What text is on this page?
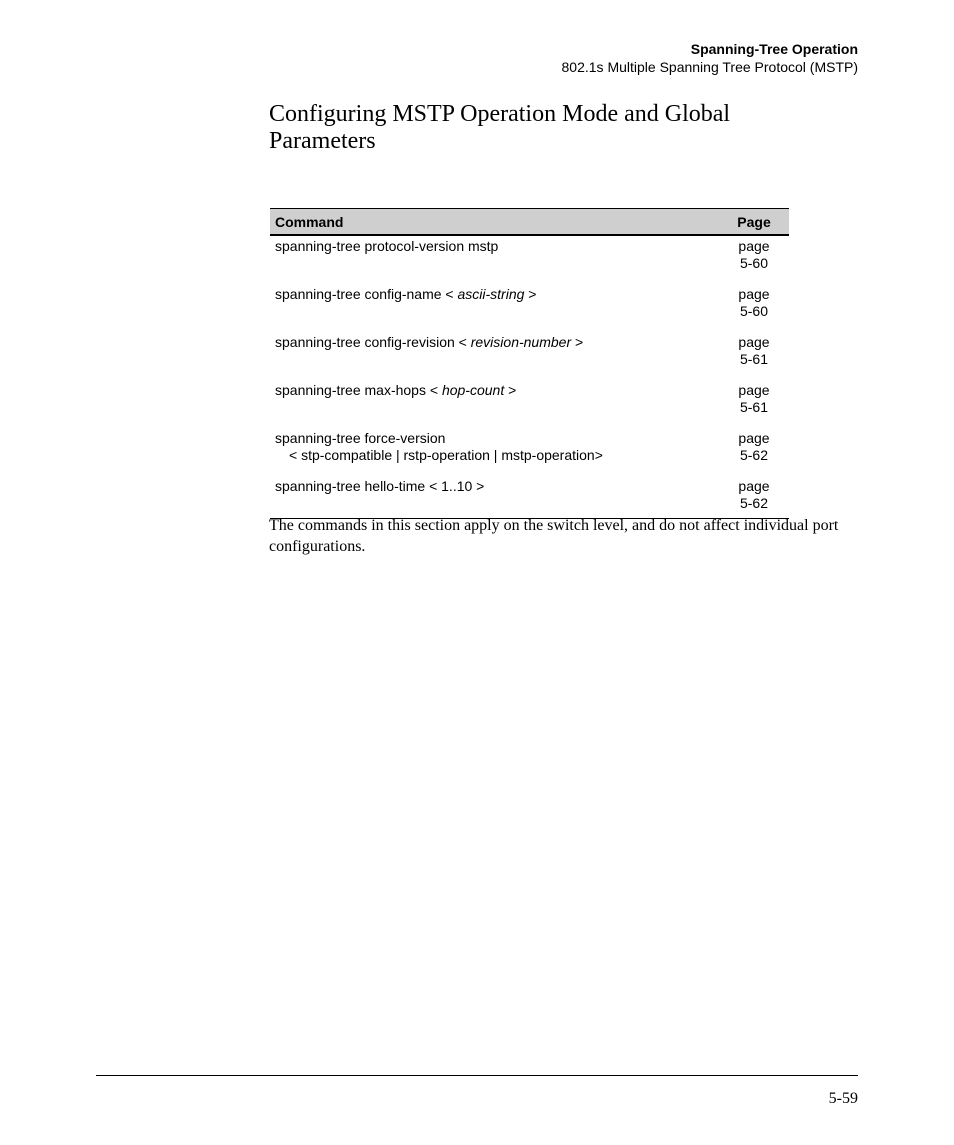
Spanning-Tree Operation
802.1s Multiple Spanning Tree Protocol (MSTP)
Configuring MSTP Operation Mode and Global Parameters
Command	Page
spanning-tree protocol-version mstp	page
5-60
spanning-tree config-name < ascii-string >	page
5-60
spanning-tree config-revision < revision-number >	page
5-61
spanning-tree max-hops < hop-count >	page
5-61
spanning-tree force-version
< stp-compatible | rstp-operation | mstp-operation>	page
5-62
spanning-tree hello-time < 1..10 >	page
5-62

The commands in this section apply on the switch level, and do not affect individual port configurations.

5-59
